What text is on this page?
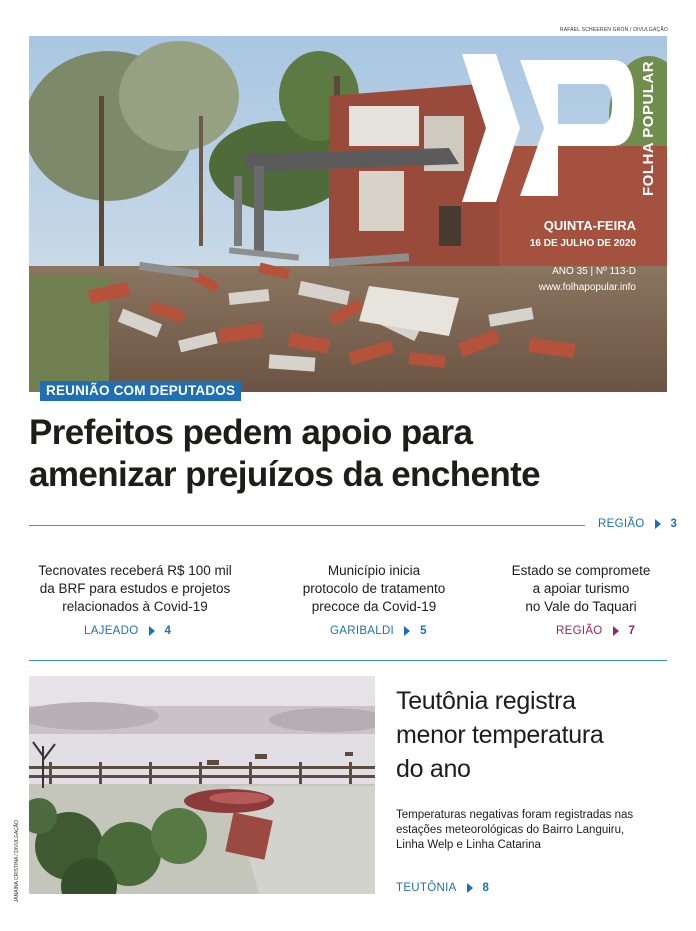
RAFAEL SCHEEREN GRÖN / DIVULGAÇÃO
FOLHA POPULAR
QUINTA-FEIRA
16 DE JULHO DE 2020
ANO 35 | Nº 113-D
www.folhapopular.info
REUNIÃO COM DEPUTADOS
Prefeitos pedem apoio para
amenizar prejuízos da enchente
REGIÃO 3
Tecnovates receberá R$ 100 mil
da BRF para estudos e projetos
relacionados à Covid-19
LAJEADO 4
Município inicia
protocolo de tratamento
precoce da Covid-19
GARIBALDI 5
Estado se compromete
a apoiar turismo
no Vale do Taquari
REGIÃO 7
JANAÍNA CRISTINA / DIVULGAÇÃO
Teutônia registra
menor temperatura
do ano
Temperaturas negativas foram registradas nas
estações meteorológicas do Bairro Languiru,
Linha Welp e Linha Catarina
TEUTÔNIA 8
